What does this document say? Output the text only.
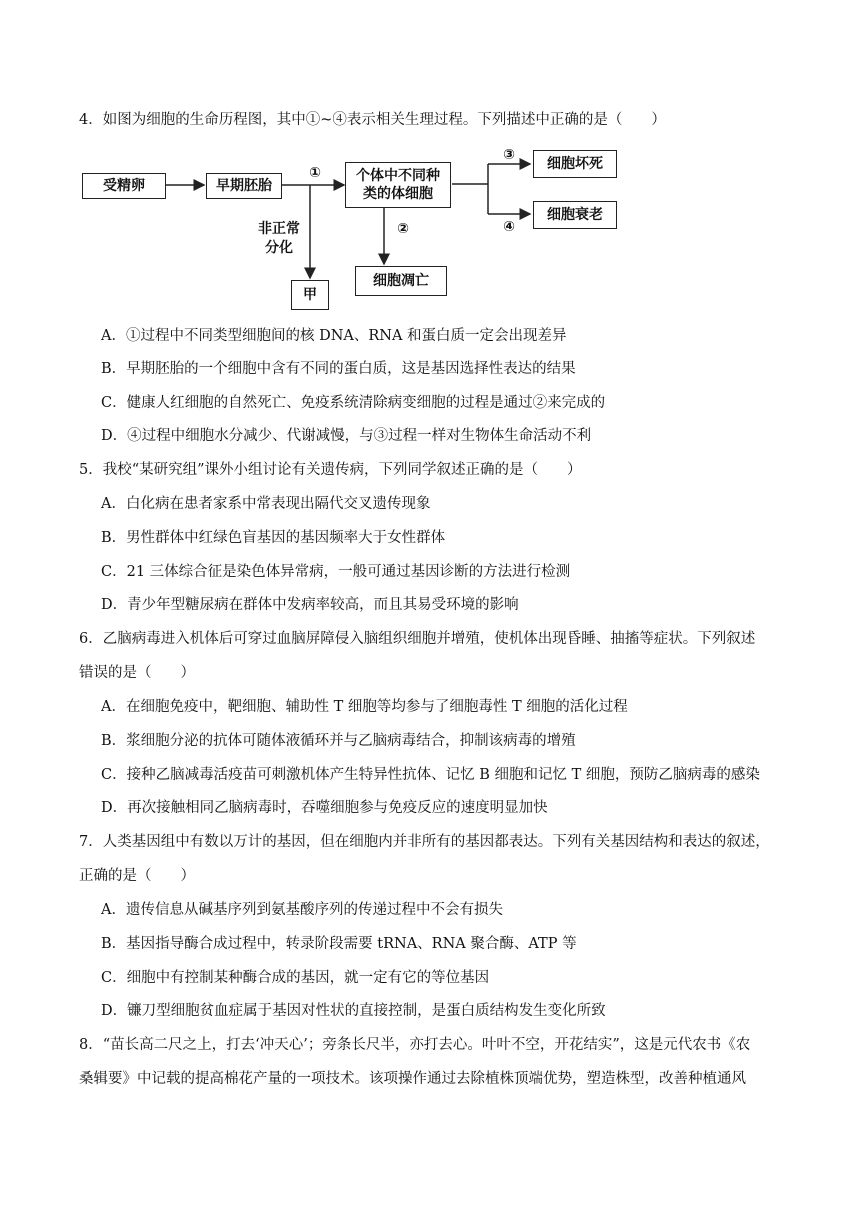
4．如图为细胞的生命历程图，其中①~④表示相关生理过程。下列描述中正确的是（　　）
受精卵	早期胚胎
个体中不同种
类的体细胞
细胞坏死
细胞衰老
细胞凋亡
甲
非正常
分化
①
②
③
④
A．①过程中不同类型细胞间的核 DNA、RNA 和蛋白质一定会出现差异
B．早期胚胎的一个细胞中含有不同的蛋白质，这是基因选择性表达的结果
C．健康人红细胞的自然死亡、免疫系统清除病变细胞的过程是通过②来完成的
D．④过程中细胞水分减少、代谢减慢，与③过程一样对生物体生命活动不利
5．我校“某研究组”课外小组讨论有关遗传病，下列同学叙述正确的是（　　）
A．白化病在患者家系中常表现出隔代交叉遗传现象
B．男性群体中红绿色盲基因的基因频率大于女性群体
C．21 三体综合征是染色体异常病，一般可通过基因诊断的方法进行检测
D．青少年型糖尿病在群体中发病率较高，而且其易受环境的影响
6．乙脑病毒进入机体后可穿过血脑屏障侵入脑组织细胞并增殖，使机体出现昏睡、抽搐等症状。下列叙述
错误的是（　　）
A．在细胞免疫中，靶细胞、辅助性 T 细胞等均参与了细胞毒性 T 细胞的活化过程
B．浆细胞分泌的抗体可随体液循环并与乙脑病毒结合，抑制该病毒的增殖
C．接种乙脑减毒活疫苗可刺激机体产生特异性抗体、记忆 B 细胞和记忆 T 细胞，预防乙脑病毒的感染
D．再次接触相同乙脑病毒时，吞噬细胞参与免疫反应的速度明显加快
7．人类基因组中有数以万计的基因，但在细胞内并非所有的基因都表达。下列有关基因结构和表达的叙述，
正确的是（　　）
A．遗传信息从碱基序列到氨基酸序列的传递过程中不会有损失
B．基因指导酶合成过程中，转录阶段需要 tRNA、RNA 聚合酶、ATP 等
C．细胞中有控制某种酶合成的基因，就一定有它的等位基因
D．镰刀型细胞贫血症属于基因对性状的直接控制，是蛋白质结构发生变化所致
8．“苗长高二尺之上，打去‘冲天心’；旁条长尺半，亦打去心。叶叶不空，开花结实”，这是元代农书《农
桑辑要》中记载的提高棉花产量的一项技术。该项操作通过去除植株顶端优势，塑造株型，改善种植通风
